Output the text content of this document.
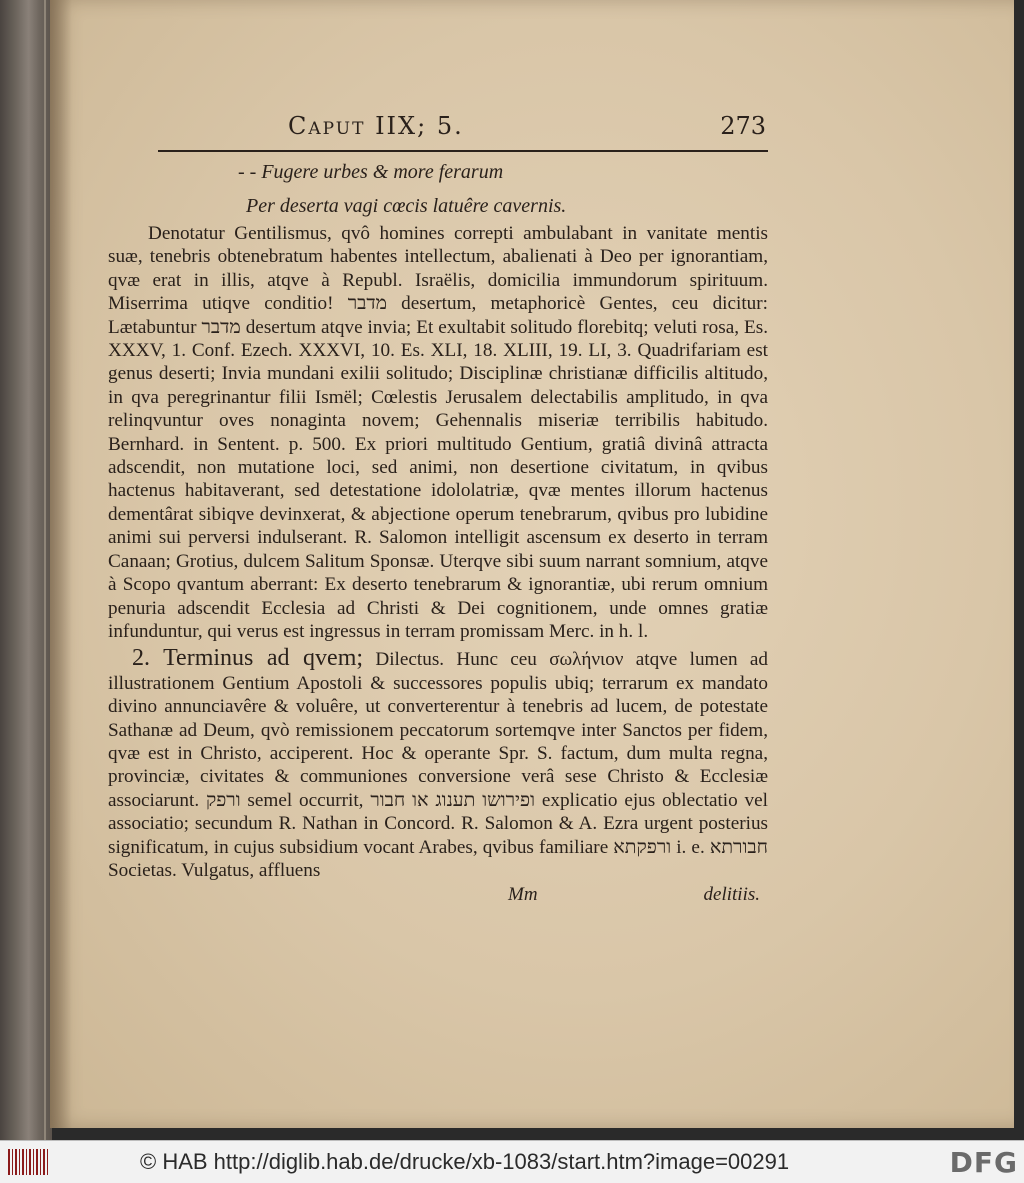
Caput IIX; 5.	273
- - Fugere urbes & more ferarum
Per deserta vagi cœcis latuêre cavernis.
Denotatur Gentilismus, qvô homines correpti ambulabant in vanitate mentis suæ, tenebris obtenebratum habentes intellectum, abalienati à Deo per ignorantiam, qvæ erat in illis, atqve à Republ. Israëlis, domicilia immundorum spirituum. Miserrima utiqve conditio! מדבר desertum, metaphoricè Gentes, ceu dicitur: Lætabuntur מדבר desertum atqve invia; Et exultabit solitudo florebitq; veluti rosa, Es. XXXV, 1. Conf. Ezech. XXXVI, 10. Es. XLI, 18. XLIII, 19. LI, 3. Quadrifariam est genus deserti; Invia mundani exilii solitudo; Disciplinæ christianæ difficilis altitudo, in qva peregrinantur filii Ismël; Cœlestis Jerusalem delectabilis amplitudo, in qva relinqvuntur oves nonaginta novem; Gehennalis miseriæ terribilis habitudo. Bernhard. in Sentent. p. 500. Ex priori multitudo Gentium, gratiâ divinâ attracta adscendit, non mutatione loci, sed animi, non desertione civitatum, in qvibus hactenus habitaverant, sed detestatione idololatriæ, qvæ mentes illorum hactenus dementârat sibiqve devinxerat, & abjectione operum tenebrarum, qvibus pro lubidine animi sui perversi indulserant. R. Salomon intelligit ascensum ex deserto in terram Canaan; Grotius, dulcem Salitum Sponsæ. Uterqve sibi suum narrant somnium, atqve à Scopo qvantum aberrant: Ex deserto tenebrarum & ignorantiæ, ubi rerum omnium penuria adscendit Ecclesia ad Christi & Dei cognitionem, unde omnes gratiæ infunduntur, qui verus est ingressus in terram promissam Merc. in h. l.
2. Terminus ad qvem; Dilectus. Hunc ceu σωλήνιον atqve lumen ad illustrationem Gentium Apostoli & successores populis ubiq; terrarum ex mandato divino annunciavêre & voluêre, ut converterentur à tenebris ad lucem, de potestate Sathanæ ad Deum, qvò remissionem peccatorum sortemqve inter Sanctos per fidem, qvæ est in Christo, acciperent. Hoc & operante Spr. S. factum, dum multa regna, provinciæ, civitates & communiones conversione verâ sese Christo & Ecclesiæ associarunt. ורפק semel occurrit, ופירושו תענוג או חבור explicatio ejus oblectatio vel associatio; secundum R. Nathan in Concord. R. Salomon & A. Ezra urgent posterius significatum, in cujus subsidium vocant Arabes, qvibus familiare ורפקתא i. e. חבורתא Societas. Vulgatus, affluens
Mm	delitiis.
© HAB http://diglib.hab.de/drucke/xb-1083/start.htm?image=00291	DFG
